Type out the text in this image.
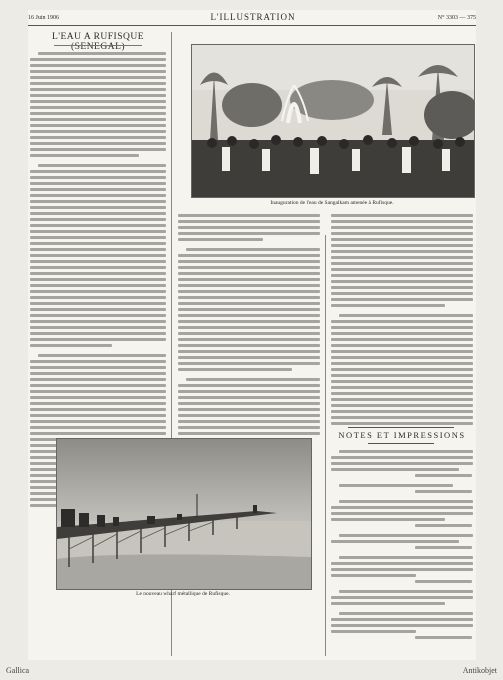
16 Juin 1906	L'ILLUSTRATION	N° 3303 — 375
L'EAU A RUFISQUE (SENEGAL)
Inauguration de l'eau de Sangalkam amenée à Rufisque.
NOTES ET IMPRESSIONS
Le nouveau wharf métallique de Rufisque.
Gallica	Antikobjet
